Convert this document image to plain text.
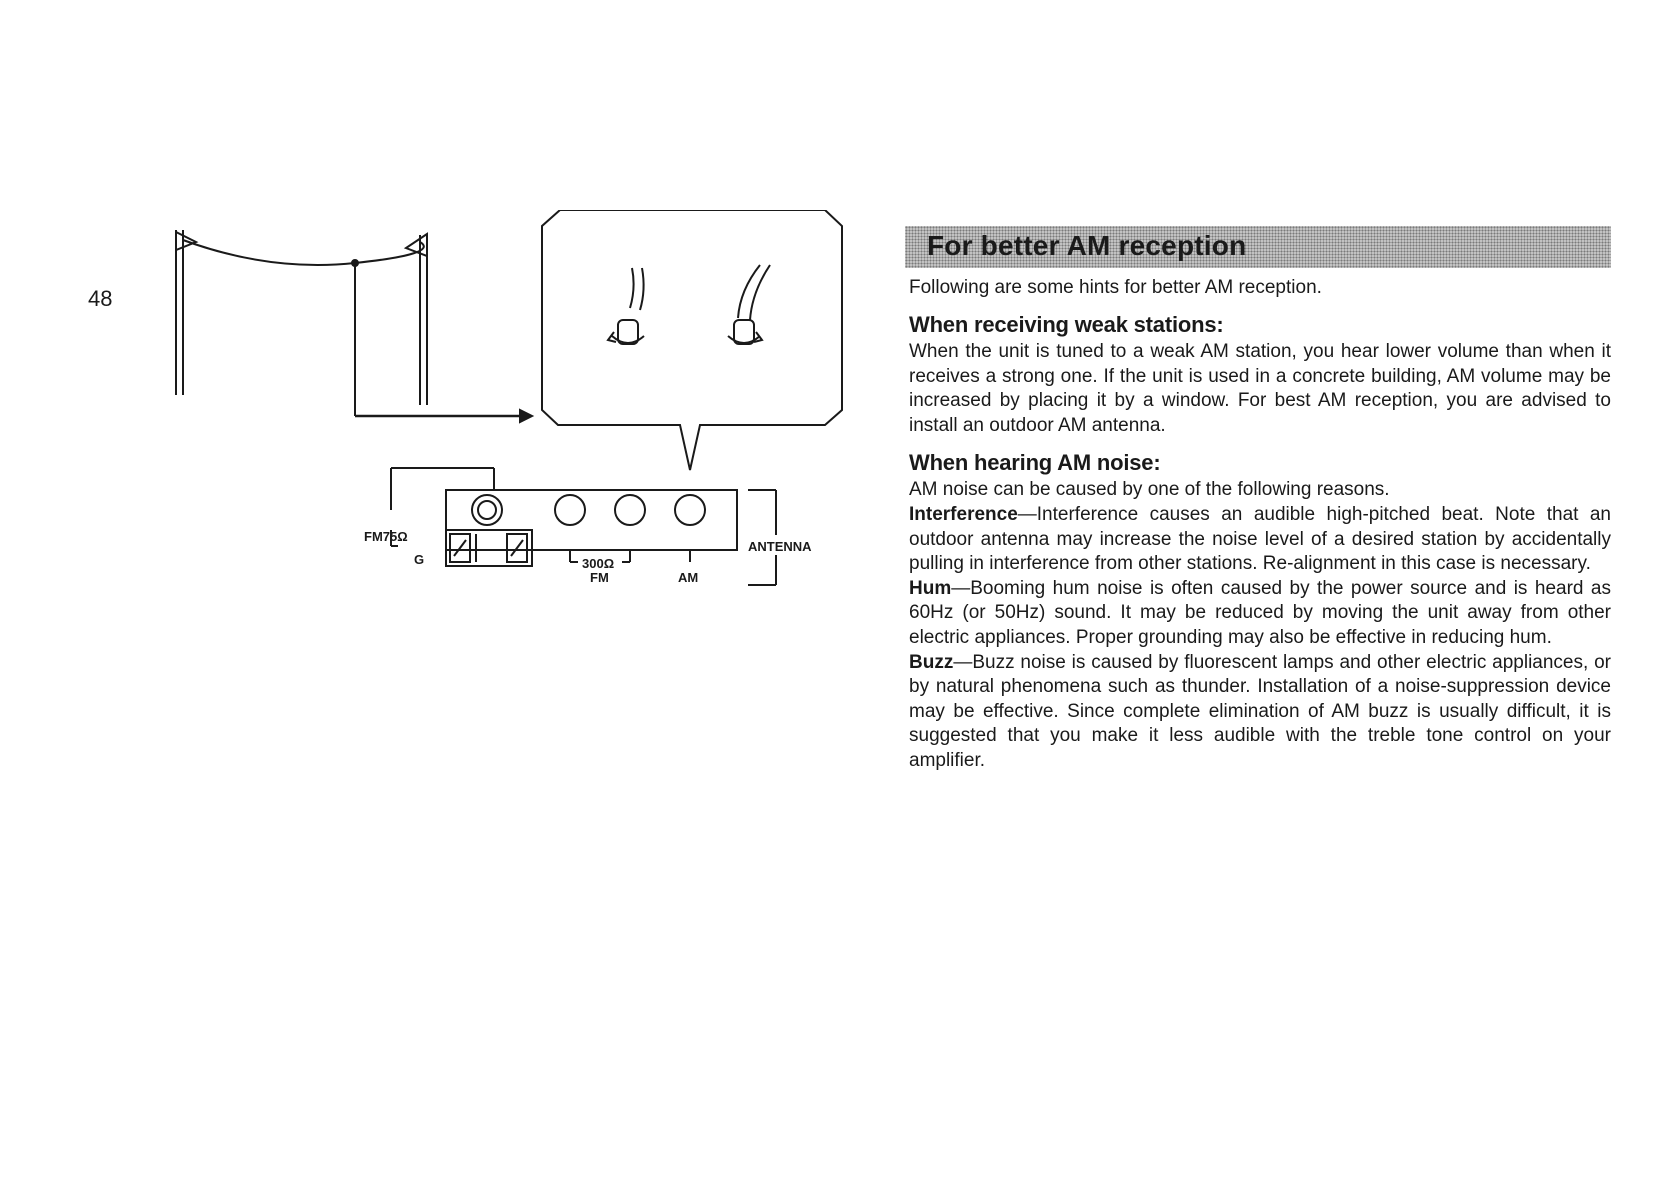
48
FM75Ω
G	300Ω
FM	AM
ANTENNA
For better AM reception
Following are some hints for better AM reception.
When receiving weak stations:
When the unit is tuned to a weak AM station, you hear lower volume than when it receives a strong one. If the unit is used in a concrete building, AM volume may be increased by placing it by a window. For best AM reception, you are advised to install an outdoor AM antenna.
When hearing AM noise:
AM noise can be caused by one of the following reasons.
Interference—Interference causes an audible high-pitched beat. Note that an outdoor antenna may increase the noise level of a desired station by accidentally pulling in interference from other stations. Re-alignment in this case is necessary.
Hum—Booming hum noise is often caused by the power source and is heard as 60Hz (or 50Hz) sound. It may be reduced by moving the unit away from other electric appliances. Proper grounding may also be effective in reducing hum.
Buzz—Buzz noise is caused by fluorescent lamps and other electric appliances, or by natural phenomena such as thunder. Installation of a noise-suppression device may be effective. Since complete elimination of AM buzz is usually difficult, it is suggested that you make it less audible with the treble tone control on your amplifier.
